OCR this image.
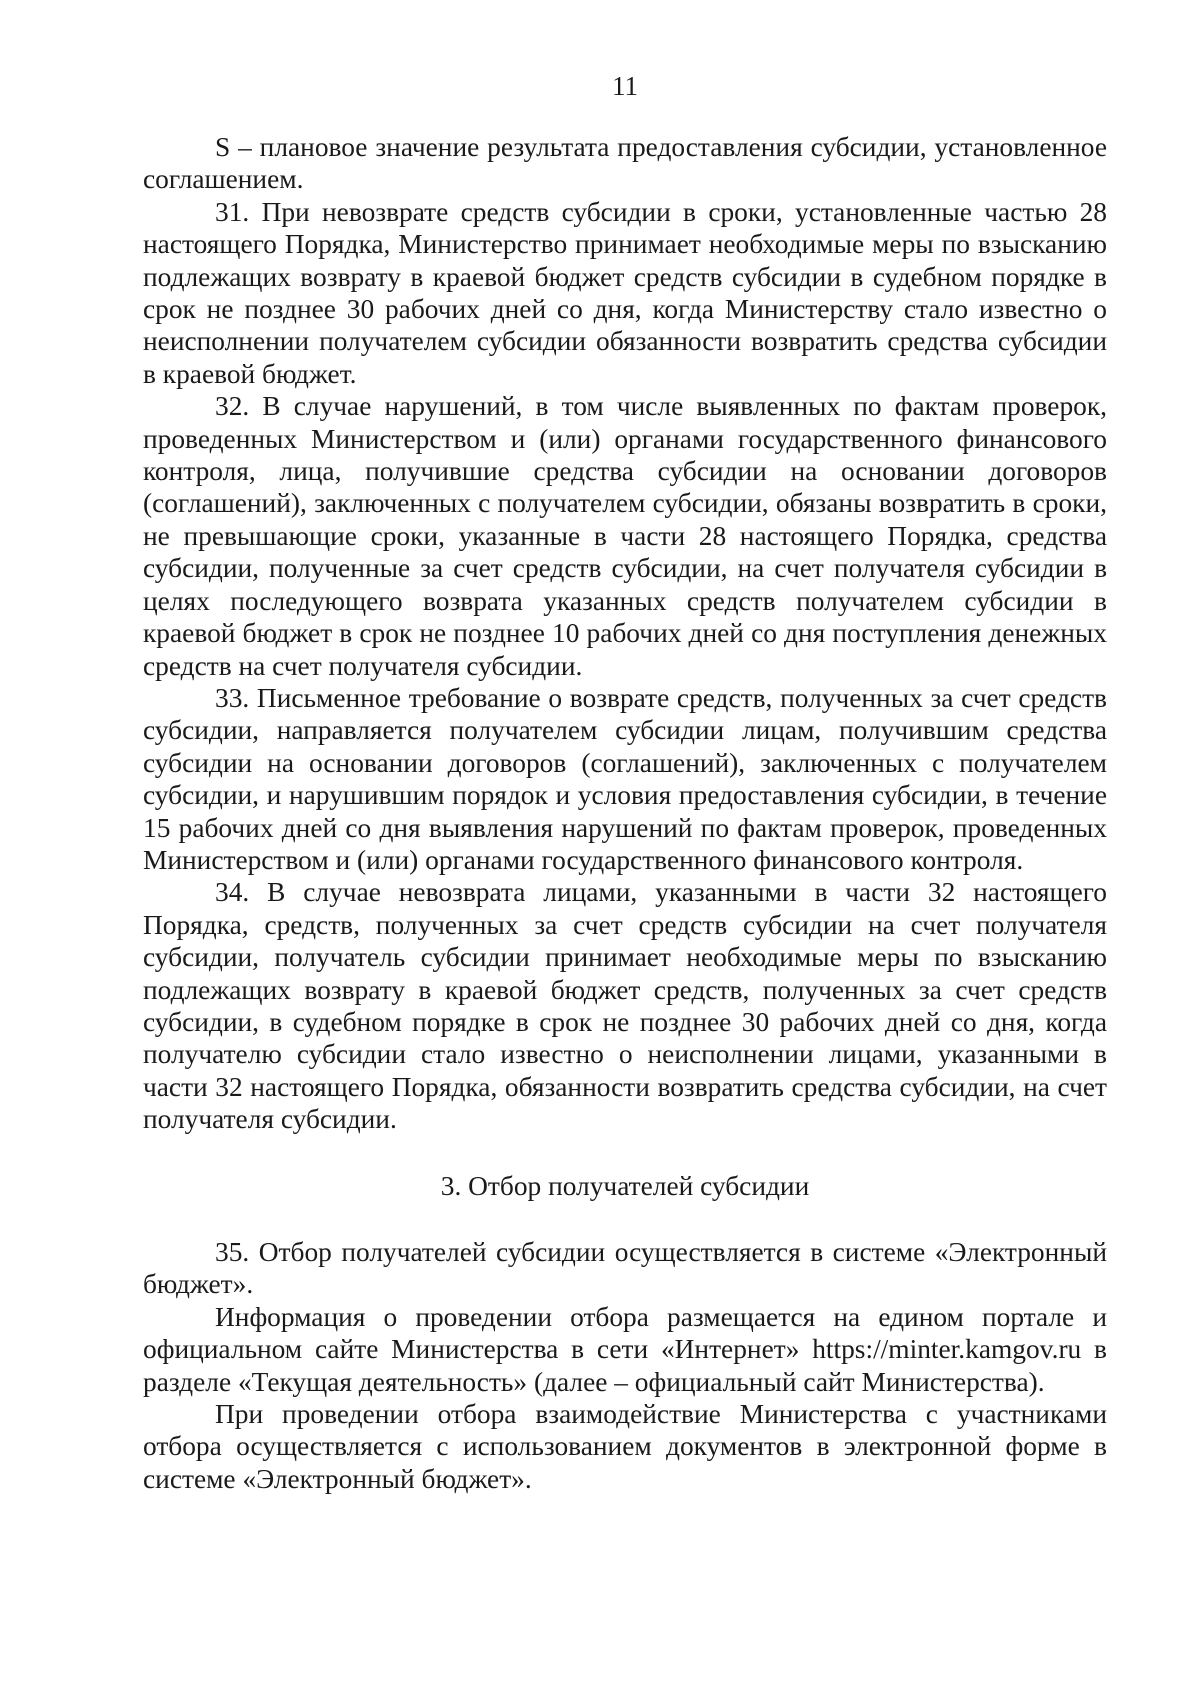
11

S – плановое значение результата предоставления субсидии, установленное соглашением.

31. При невозврате средств субсидии в сроки, установленные частью 28 настоящего Порядка, Министерство принимает необходимые меры по взысканию подлежащих возврату в краевой бюджет средств субсидии в судебном порядке в срок не позднее 30 рабочих дней со дня, когда Министерству стало известно о неисполнении получателем субсидии обязанности возвратить средства субсидии в краевой бюджет.

32. В случае нарушений, в том числе выявленных по фактам проверок, проведенных Министерством и (или) органами государственного финансового контроля, лица, получившие средства субсидии на основании договоров (соглашений), заключенных с получателем субсидии, обязаны возвратить в сроки, не превышающие сроки, указанные в части 28 настоящего Порядка, средства субсидии, полученные за счет средств субсидии, на счет получателя субсидии в целях последующего возврата указанных средств получателем субсидии в краевой бюджет в срок не позднее 10 рабочих дней со дня поступления денежных средств на счет получателя субсидии.

33. Письменное требование о возврате средств, полученных за счет средств субсидии, направляется получателем субсидии лицам, получившим средства субсидии на основании договоров (соглашений), заключенных с получателем субсидии, и нарушившим порядок и условия предоставления субсидии, в течение 15 рабочих дней со дня выявления нарушений по фактам проверок, проведенных Министерством и (или) органами государственного финансового контроля.

34. В случае невозврата лицами, указанными в части 32 настоящего Порядка, средств, полученных за счет средств субсидии на счет получателя субсидии, получатель субсидии принимает необходимые меры по взысканию подлежащих возврату в краевой бюджет средств, полученных за счет средств субсидии, в судебном порядке в срок не позднее 30 рабочих дней со дня, когда получателю субсидии стало известно о неисполнении лицами, указанными в части 32 настоящего Порядка, обязанности возвратить средства субсидии, на счет получателя субсидии.

3. Отбор получателей субсидии

35. Отбор получателей субсидии осуществляется в системе «Электронный бюджет».

Информация о проведении отбора размещается на едином портале и официальном сайте Министерства в сети «Интернет» https://minter.kamgov.ru в разделе «Текущая деятельность» (далее – официальный сайт Министерства).

При проведении отбора взаимодействие Министерства с участниками отбора осуществляется с использованием документов в электронной форме в системе «Электронный бюджет».
